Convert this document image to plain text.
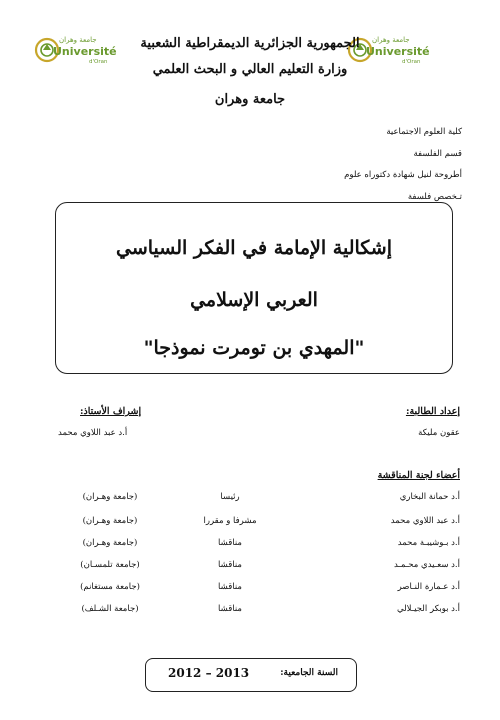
جامعة وهران
Université
d'Oran
جامعة وهران
Université
d'Oran
الجمهورية الجزائرية الديمقراطية الشعبية
وزارة التعليم العالي و البحث العلمي
جامعة وهران
كلية العلوم الاجتماعية
قسم الفلسفة
أطروحة لنيل شهادة دكتوراه علوم
تـخصص فلسفة
إشكالية الإمامة في الفكر السياسي
العربي الإسلامي
"المهدي بن تومرت نموذجا"
إعداد الطالبة:
عقون مليكة
إشراف الأستاذ:
أ.د عبد اللاوي محمد
أعضاء لجنة المناقشة
أ.د حمانة البخاري
رئيسا
(جامعة وهـران)
أ.د عبد اللاوي محمد
مشرفا و مقررا
(جامعة وهـران)
أ.د بـوشيبـة محمد
مناقشا
(جامعة وهـران)
أ.د سعـيدي محـمـد
مناقشا
(جامعة تلمسـان)
أ.د عـمارة النـاصر
مناقشا
(جامعة مستغانم)
أ.د بوبكر الجيـلالي
مناقشا
(جامعة الشـلف)
السنة الجامعية:
2012 – 2013
